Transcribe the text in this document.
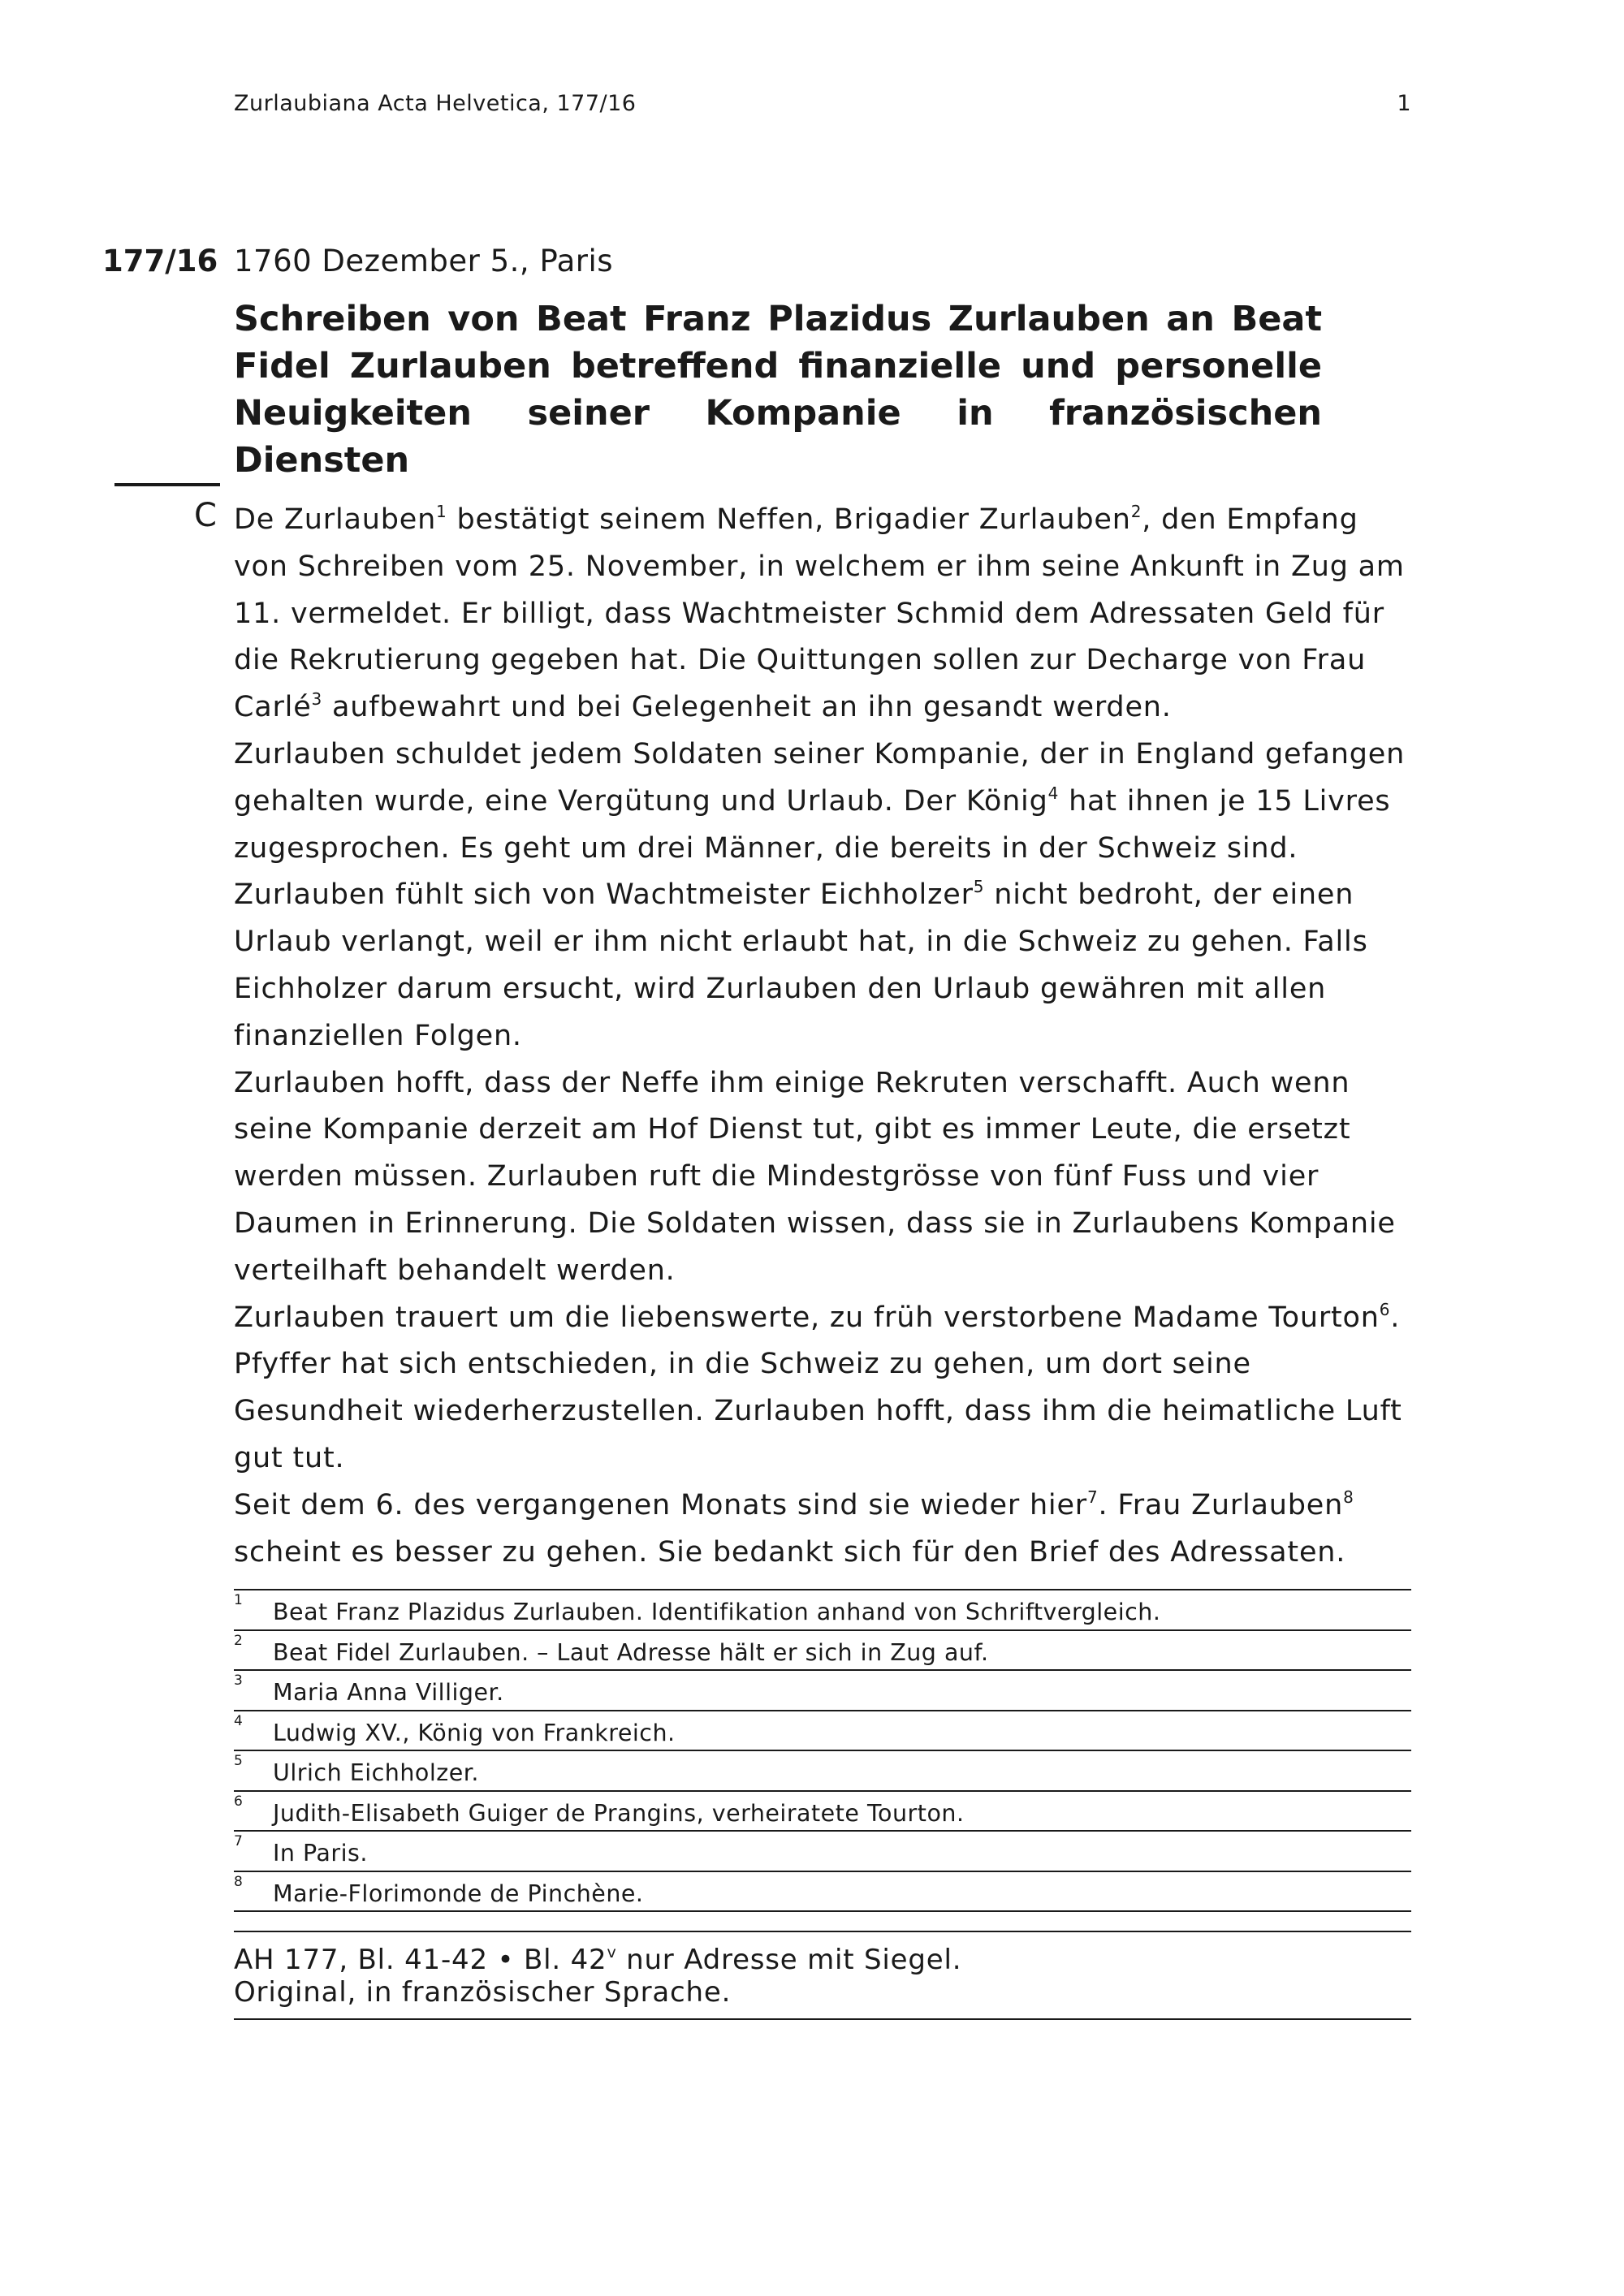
Zurlaubiana Acta Helvetica, 177/16	1
177/16 1760 Dezember 5., Paris
Schreiben von Beat Franz Plazidus Zurlauben an Beat Fidel Zurlauben betreffend finanzielle und personelle Neuigkeiten seiner Kompanie in französischen Diensten
C De Zurlauben$^1$ bestätigt seinem Neffen, Brigadier Zurlauben$^2$, den Empfang von Schreiben vom 25. November, in welchem er ihm seine Ankunft in Zug am 11. vermeldet. Er billigt, dass Wachtmeister Schmid dem Adressaten Geld für die Rekrutierung gegeben hat. Die Quittungen sollen zur Decharge von Frau Carlé$^3$ aufbewahrt und bei Gelegenheit an ihn gesandt werden.

Zurlauben schuldet jedem Soldaten seiner Kompanie, der in England gefangen gehalten wurde, eine Vergütung und Urlaub. Der König$^4$ hat ihnen je 15 Livres zugesprochen. Es geht um drei Männer, die bereits in der Schweiz sind. Zurlauben fühlt sich von Wachtmeister Eichholzer$^5$ nicht bedroht, der einen Urlaub verlangt, weil er ihm nicht erlaubt hat, in die Schweiz zu gehen. Falls Eichholzer darum ersucht, wird Zurlauben den Urlaub gewähren mit allen finanziellen Folgen.

Zurlauben hofft, dass der Neffe ihm einige Rekruten verschafft. Auch wenn seine Kompanie derzeit am Hof Dienst tut, gibt es immer Leute, die ersetzt werden müssen. Zurlauben ruft die Mindestgrösse von fünf Fuss und vier Daumen in Erinnerung. Die Soldaten wissen, dass sie in Zurlaubens Kompanie verteilhaft behandelt werden.

Zurlauben trauert um die liebenswerte, zu früh verstorbene Madame Tourton$^6$. Pfyffer hat sich entschieden, in die Schweiz zu gehen, um dort seine Gesundheit wiederherzustellen. Zurlauben hofft, dass ihm die heimatliche Luft gut tut.

Seit dem 6. des vergangenen Monats sind sie wieder hier$^7$. Frau Zurlauben$^8$ scheint es besser zu gehen. Sie bedankt sich für den Brief des Adressaten.

1 Beat Franz Plazidus Zurlauben. Identifikation anhand von Schriftvergleich.
2 Beat Fidel Zurlauben. – Laut Adresse hält er sich in Zug auf.
3 Maria Anna Villiger.
4 Ludwig XV., König von Frankreich.
5 Ulrich Eichholzer.
6 Judith-Elisabeth Guiger de Prangins, verheiratete Tourton.
7 In Paris.
8 Marie-Florimonde de Pinchène.
AH 177, Bl. 41-42 • Bl. 42$^v$ nur Adresse mit Siegel.
Original, in französischer Sprache.
